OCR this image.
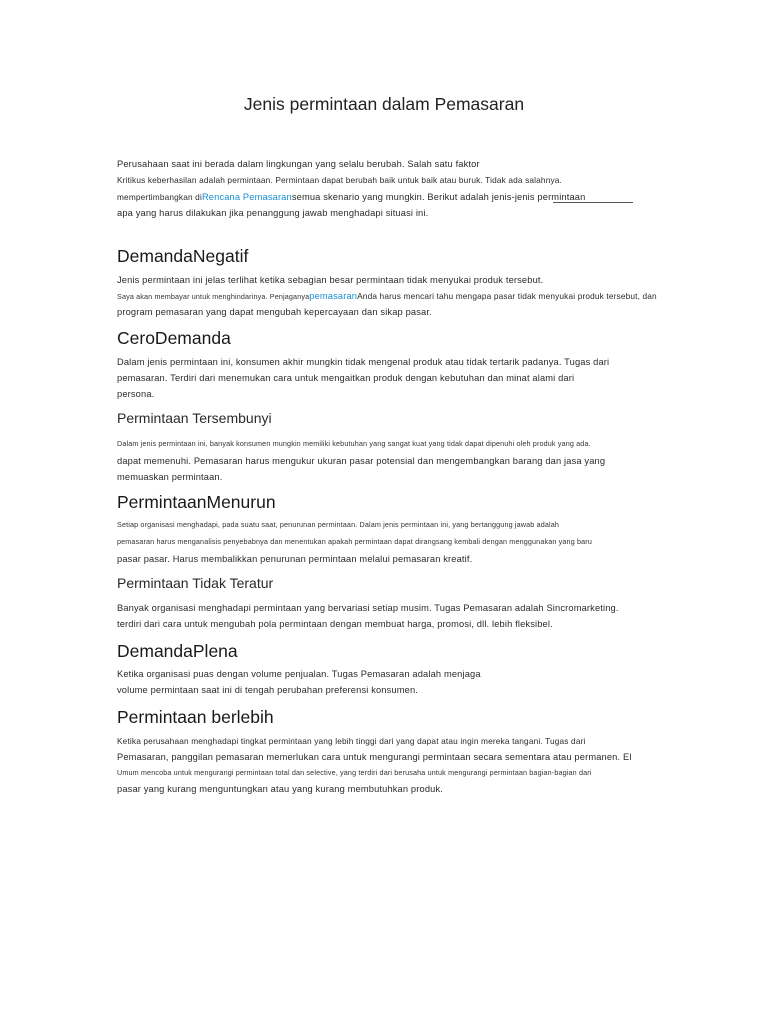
Jenis permintaan dalam Pemasaran

Perusahaan saat ini berada dalam lingkungan yang selalu berubah. Salah satu faktor

Kritikus keberhasilan adalah permintaan. Permintaan dapat berubah baik untuk baik atau buruk. Tidak ada salahnya.

mempertimbangkan diRencana Pemasaransemua skenario yang mungkin. Berikut adalah jenis-jenis permintaan

apa yang harus dilakukan jika penanggung jawab menghadapi situasi ini.

DemandaNegatif

Jenis permintaan ini jelas terlihat ketika sebagian besar permintaan tidak menyukai produk tersebut.

Saya akan membayar untuk menghindarinya. PenjaganyapemasaranAnda harus mencari tahu mengapa pasar tidak menyukai produk tersebut, dan

program pemasaran yang dapat mengubah kepercayaan dan sikap pasar.

CeroDemanda

Dalam jenis permintaan ini, konsumen akhir mungkin tidak mengenal produk atau tidak tertarik padanya. Tugas dari

pemasaran. Terdiri dari menemukan cara untuk mengaitkan produk dengan kebutuhan dan minat alami dari

persona.

Permintaan Tersembunyi

Dalam jenis permintaan ini, banyak konsumen mungkin memiliki kebutuhan yang sangat kuat yang tidak dapat dipenuhi oleh produk yang ada.

dapat memenuhi. Pemasaran harus mengukur ukuran pasar potensial dan mengembangkan barang dan jasa yang

memuaskan permintaan.

PermintaanMenurun

Setiap organisasi menghadapi, pada suatu saat, penurunan permintaan. Dalam jenis permintaan ini, yang bertanggung jawab adalah

pemasaran harus menganalisis penyebabnya dan menentukan apakah permintaan dapat dirangsang kembali dengan menggunakan yang baru

pasar pasar. Harus membalikkan penurunan permintaan melalui pemasaran kreatif.

Permintaan Tidak Teratur

Banyak organisasi menghadapi permintaan yang bervariasi setiap musim. Tugas Pemasaran adalah Sincromarketing.

terdiri dari cara untuk mengubah pola permintaan dengan membuat harga, promosi, dll. lebih fleksibel.

DemandaPlena

Ketika organisasi puas dengan volume penjualan. Tugas Pemasaran adalah menjaga

volume permintaan saat ini di tengah perubahan preferensi konsumen.

Permintaan berlebih

Ketika perusahaan menghadapi tingkat permintaan yang lebih tinggi dari yang dapat atau ingin mereka tangani. Tugas dari

Pemasaran, panggilan pemasaran memerlukan cara untuk mengurangi permintaan secara sementara atau permanen. El

Umum mencoba untuk mengurangi permintaan total dan selective, yang terdiri dari berusaha untuk mengurangi permintaan bagian-bagian dari

pasar yang kurang menguntungkan atau yang kurang membutuhkan produk.
